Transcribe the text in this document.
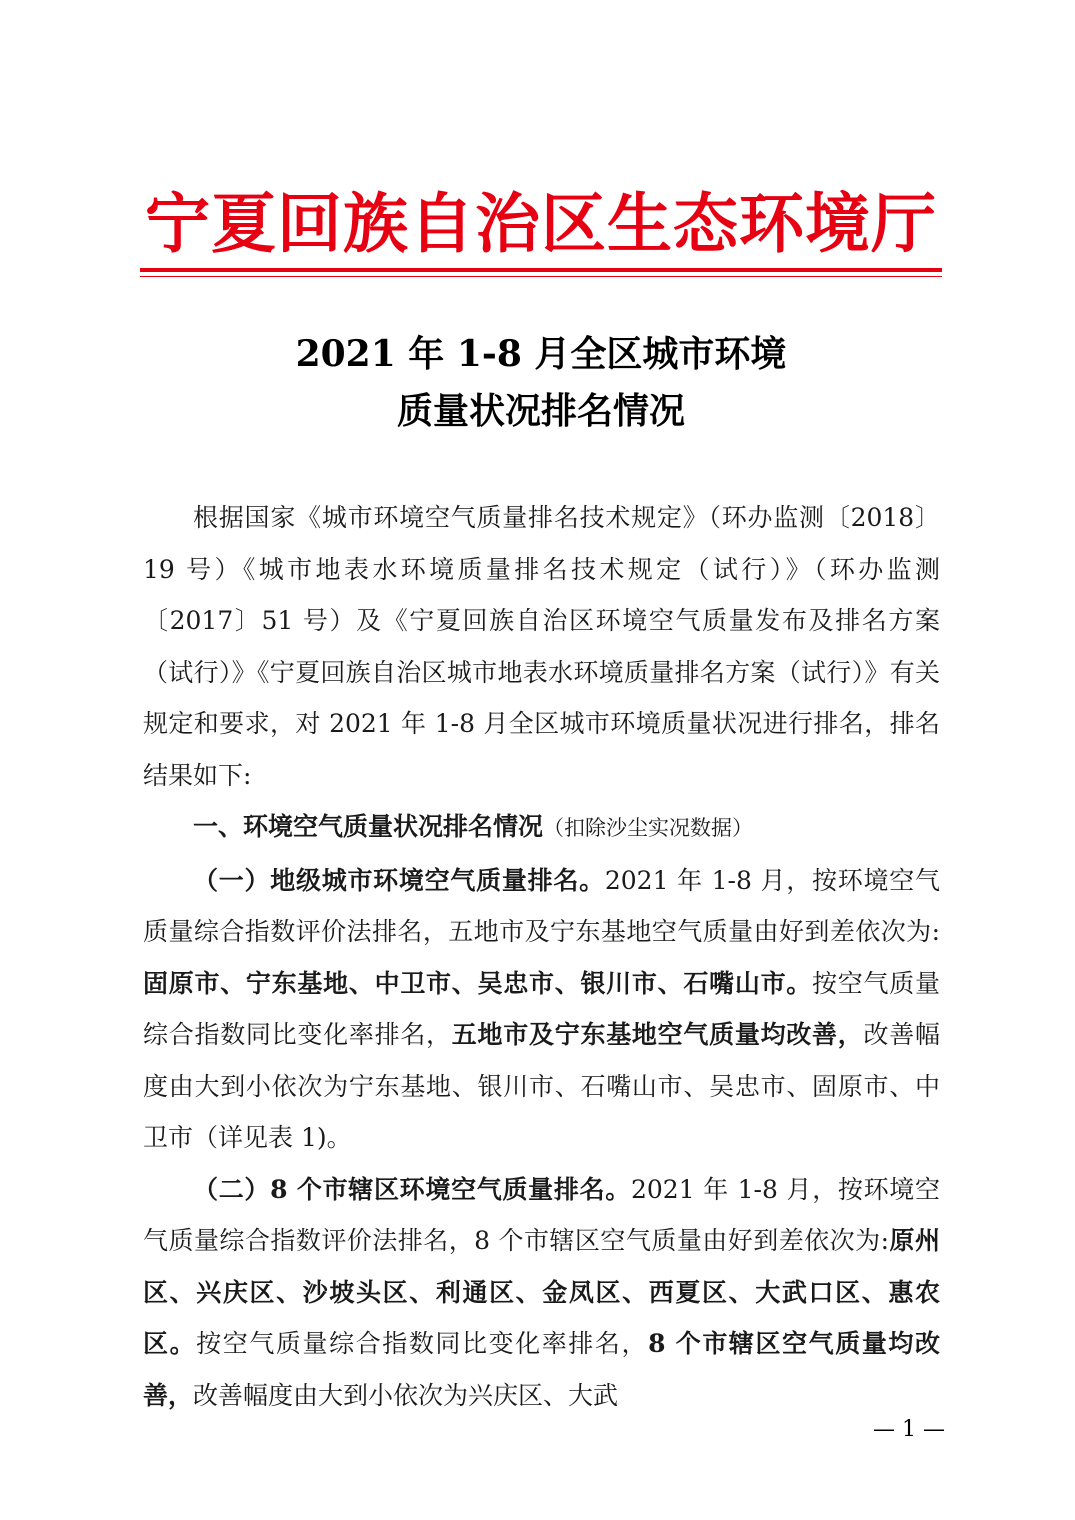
宁夏回族自治区生态环境厅
2021 年 1-8 月全区城市环境
质量状况排名情况

根据国家《城市环境空气质量排名技术规定》（环办监测〔2018〕19 号）《城市地表水环境质量排名技术规定（试行）》（环办监测〔2017〕51 号）及《宁夏回族自治区环境空气质量发布及排名方案（试行）》《宁夏回族自治区城市地表水环境质量排名方案（试行）》有关规定和要求，对 2021 年 1-8 月全区城市环境质量状况进行排名，排名结果如下:

一、环境空气质量状况排名情况（扣除沙尘实况数据）

（一）地级城市环境空气质量排名。2021 年 1-8 月，按环境空气质量综合指数评价法排名，五地市及宁东基地空气质量由好到差依次为:固原市、宁东基地、中卫市、吴忠市、银川市、石嘴山市。按空气质量综合指数同比变化率排名，五地市及宁东基地空气质量均改善，改善幅度由大到小依次为宁东基地、银川市、石嘴山市、吴忠市、固原市、中卫市（详见表 1)。

（二）8 个市辖区环境空气质量排名。2021 年 1-8 月，按环境空气质量综合指数评价法排名，8 个市辖区空气质量由好到差依次为:原州区、兴庆区、沙坡头区、利通区、金凤区、西夏区、大武口区、惠农区。按空气质量综合指数同比变化率排名，8 个市辖区空气质量均改善，改善幅度由大到小依次为兴庆区、大武

— 1 —
